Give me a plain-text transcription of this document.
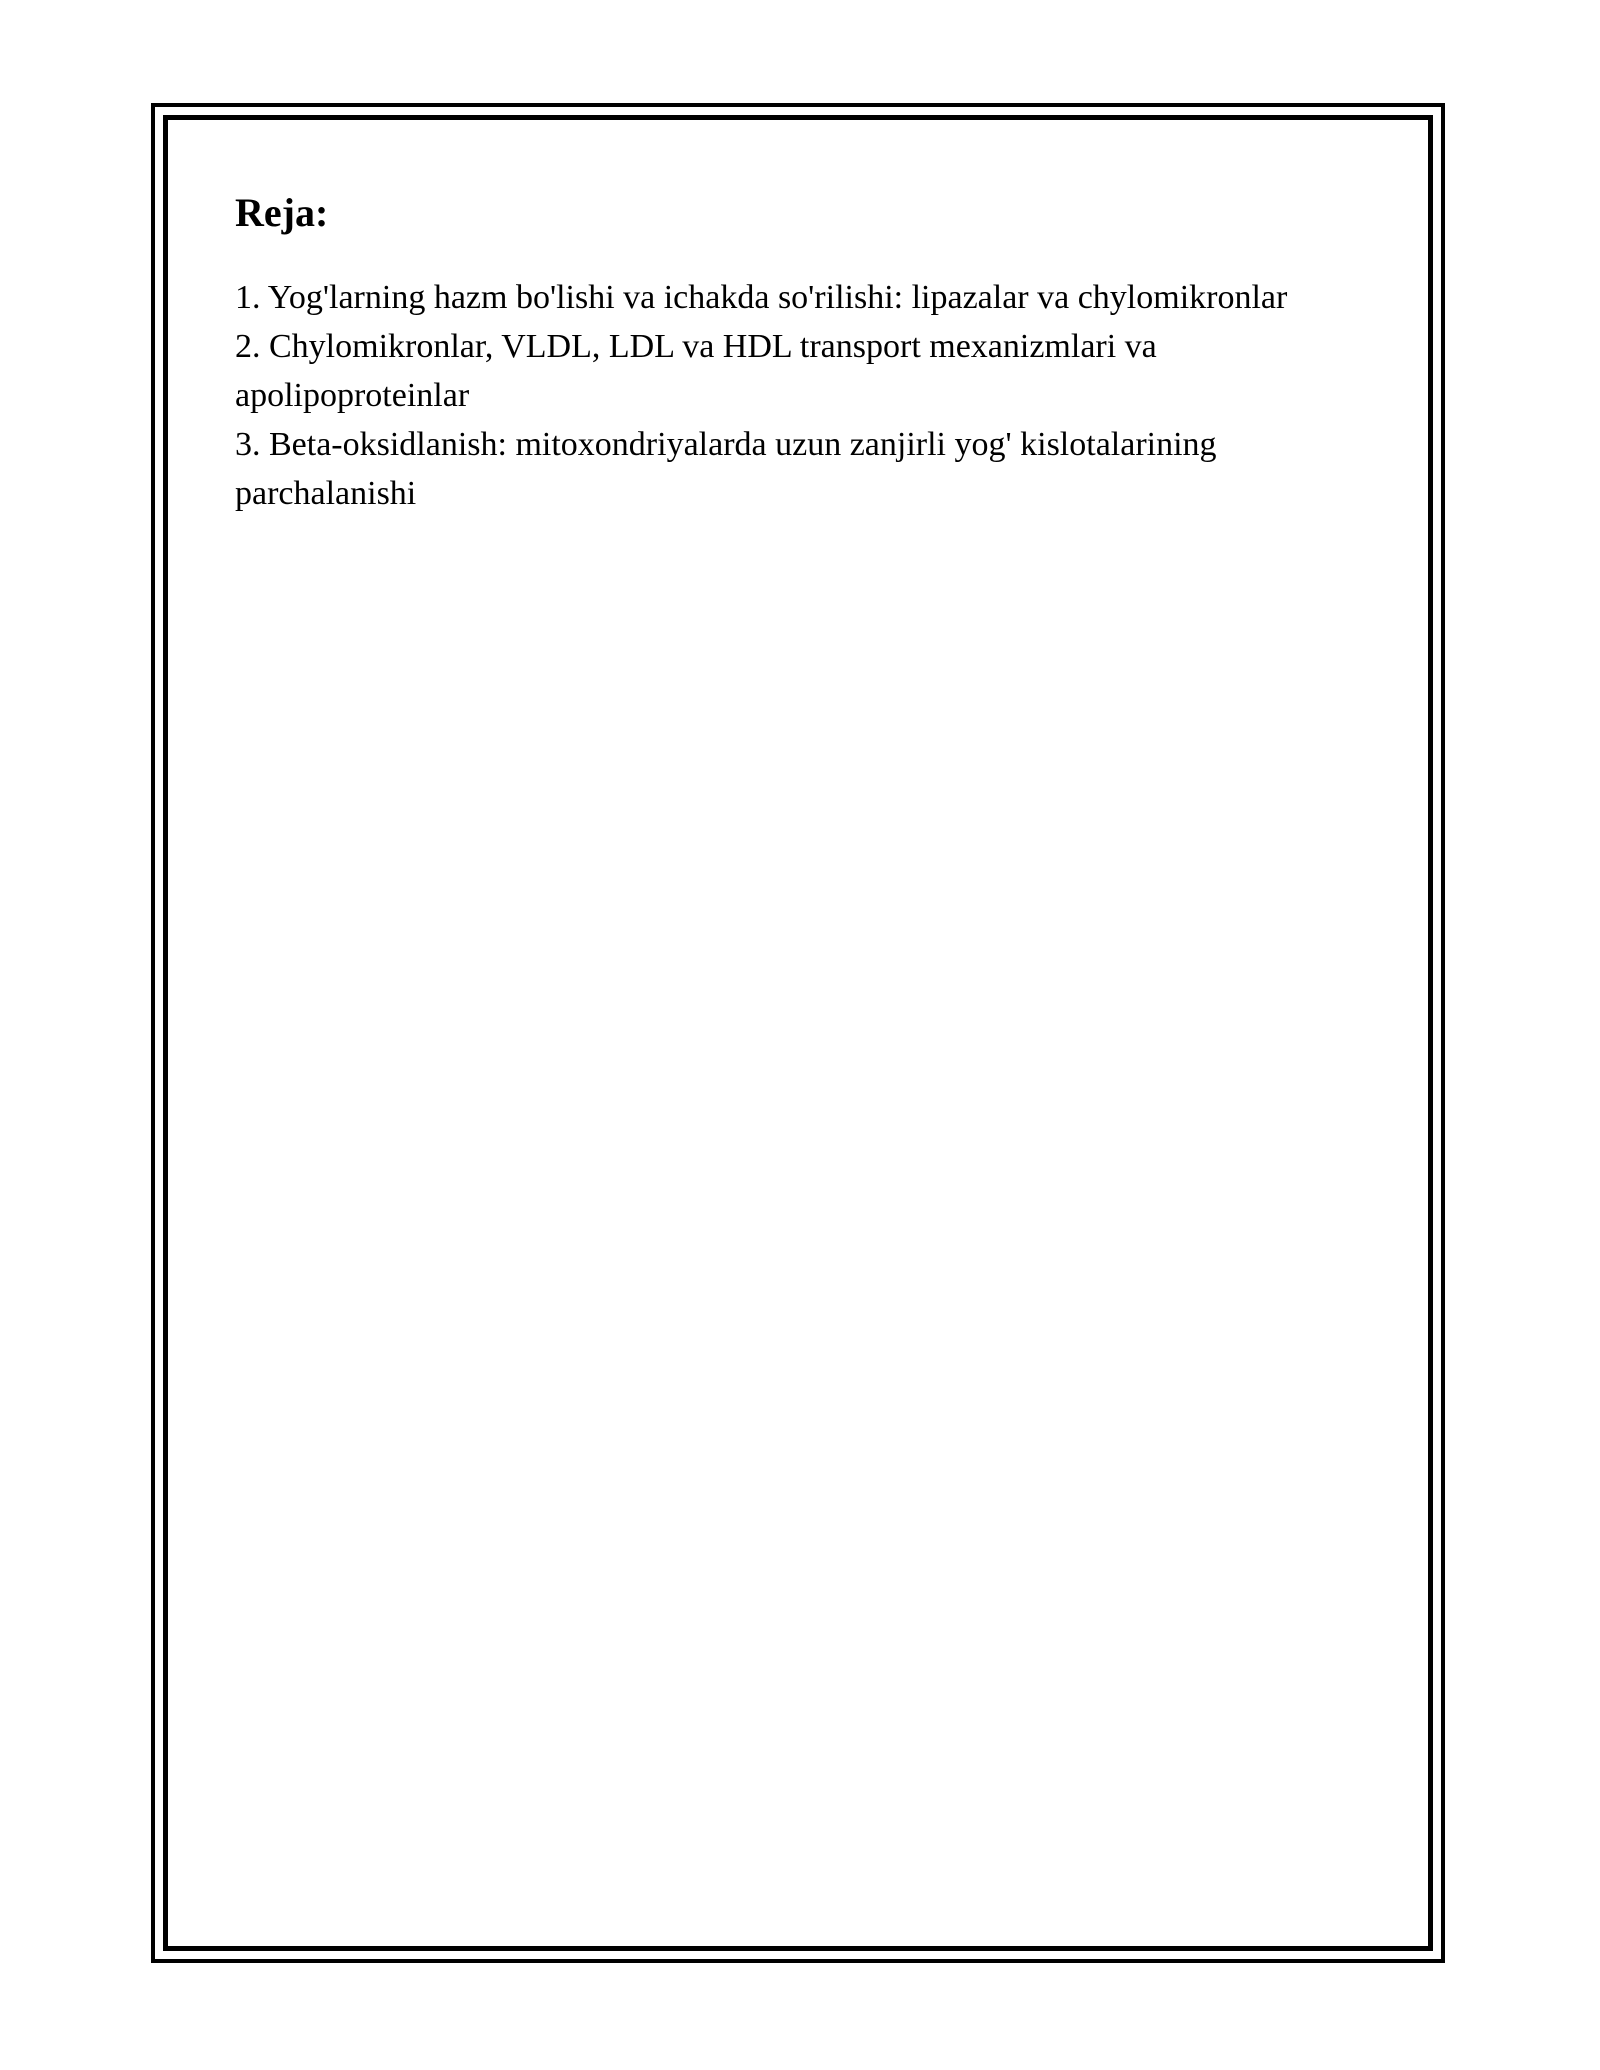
Reja:
1. Yog'larning hazm bo'lishi va ichakda so'rilishi: lipazalar va chylomikronlar
2. Chylomikronlar, VLDL, LDL va HDL transport mexanizmlari va apolipoproteinlar
3. Beta-oksidlanish: mitoxondriyalarda uzun zanjirli yog' kislotalarining parchalanishi
